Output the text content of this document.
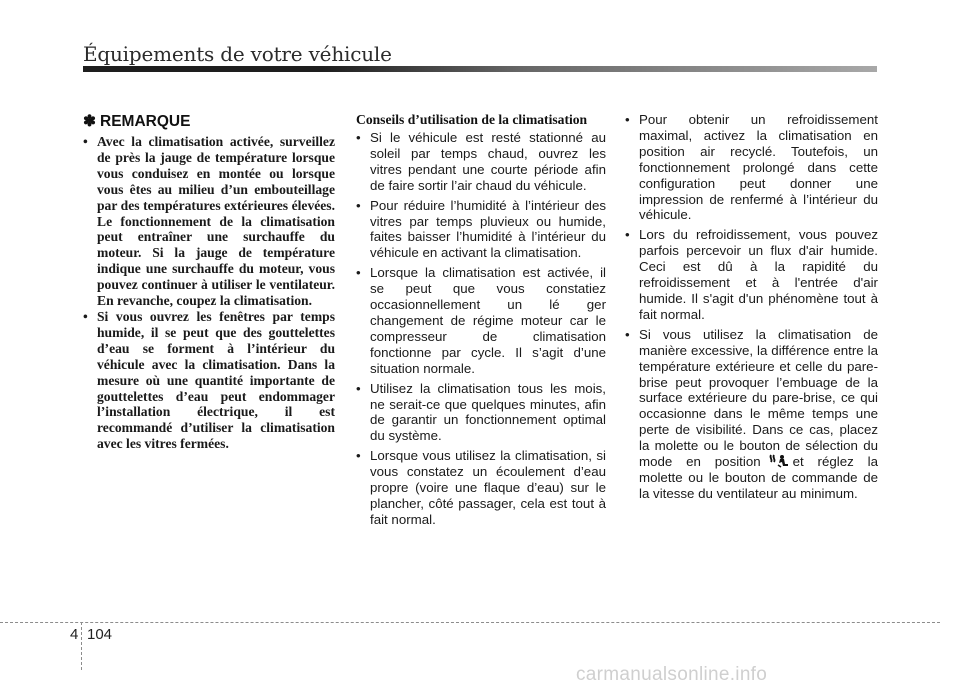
Équipements de votre véhicule
✽ REMARQUE
• Avec la climatisation activée, surveillez de près la jauge de température lorsque vous conduisez en montée ou lorsque vous êtes au milieu d’un embouteillage par des températures extérieures élevées. Le fonctionnement de la climatisation peut entraîner une surchauffe du moteur. Si la jauge de température indique une surchauffe du moteur, vous pouvez continuer à utiliser le ventilateur. En revanche, coupez la climatisation.
• Si vous ouvrez les fenêtres par temps humide, il se peut que des gouttelettes d’eau se forment à l’intérieur du véhicule avec la climatisation. Dans la mesure où une quantité importante de gouttelettes d’eau peut endommager l’installation électrique, il est recommandé d’utiliser la climatisation avec les vitres fermées.
Conseils d’utilisation de la climatisation
• Si le véhicule est resté stationné au soleil par temps chaud, ouvrez les vitres pendant une courte période afin de faire sortir l’air chaud du véhicule.
• Pour réduire l’humidité à l’intérieur des vitres par temps pluvieux ou humide, faites baisser l’humidité à l’intérieur du véhicule en activant la climatisation.
• Lorsque la climatisation est activée, il se peut que vous constatiez occasionnellement un lé ger changement de régime moteur car le compresseur de climatisation fonctionne par cycle. Il s’agit d’une situation normale.
• Utilisez la climatisation tous les mois, ne serait-ce que quelques minutes, afin de garantir un fonctionnement optimal du système.
• Lorsque vous utilisez la climatisation, si vous constatez un écoulement d’eau propre (voire une flaque d’eau) sur le plancher, côté passager, cela est tout à fait normal.
• Pour obtenir un refroidissement maximal, activez la climatisation en position air recyclé. Toutefois, un fonctionnement prolongé dans cette configuration peut donner une impression de renfermé à l’intérieur du véhicule.
• Lors du refroidissement, vous pouvez parfois percevoir un flux d'air humide. Ceci est dû à la rapidité du refroidissement et à l'entrée d'air humide. Il s'agit d'un phénomène tout à fait normal.
• Si vous utilisez la climatisation de manière excessive, la différence entre la température extérieure et celle du pare-brise peut provoquer l’embuage de la surface extérieure du pare-brise, ce qui occasionne dans le même temps une perte de visibilité. Dans ce cas, placez la molette ou le bouton de sélection du mode en position et réglez la molette ou le bouton de commande de la vitesse du ventilateur au minimum.
4 104
carmanualsonline.info
